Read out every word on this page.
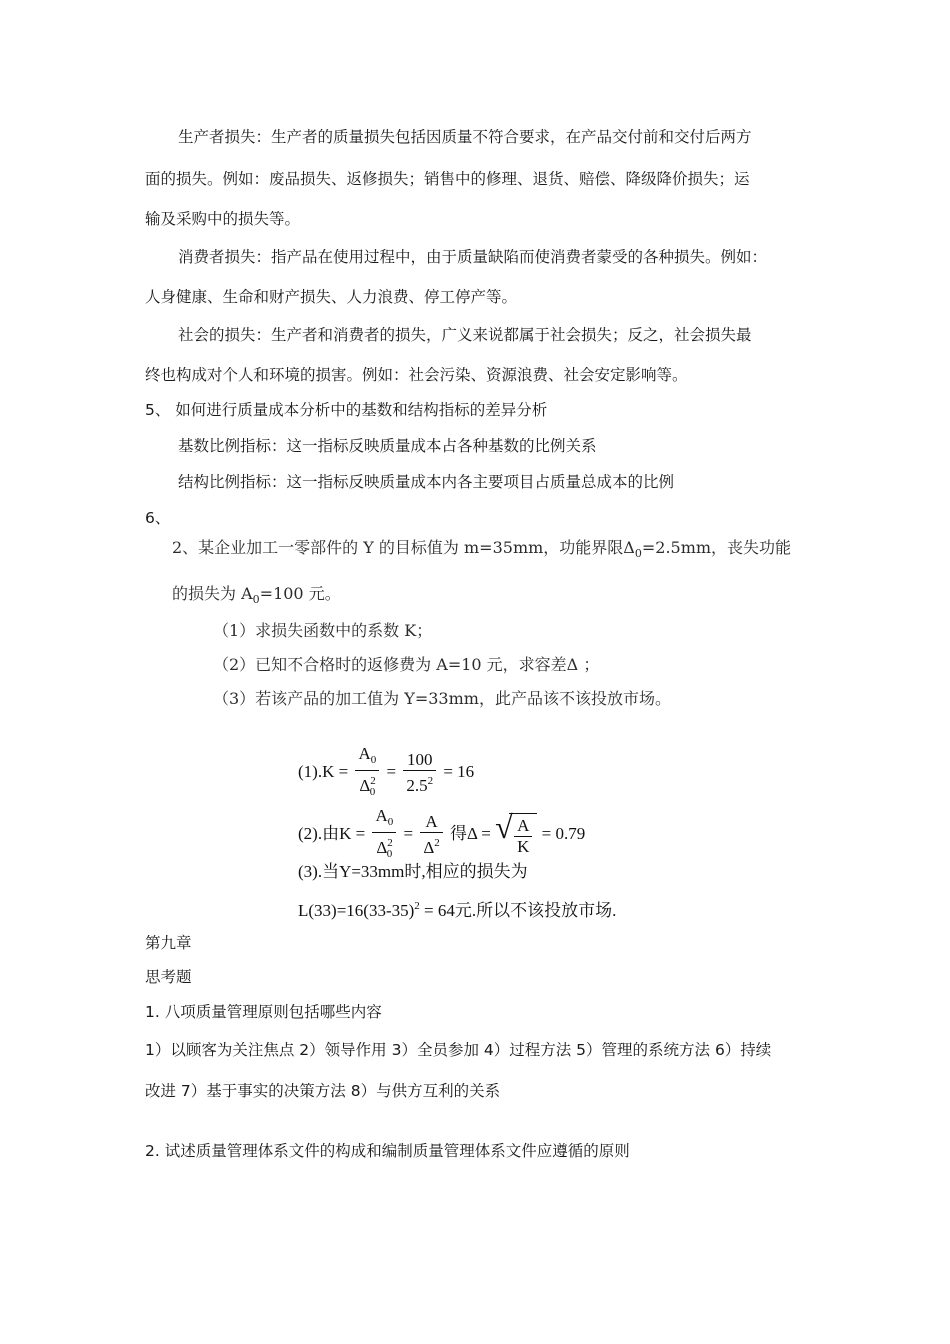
生产者损失：生产者的质量损失包括因质量不符合要求，在产品交付前和交付后两方
面的损失。例如：废品损失、返修损失；销售中的修理、退货、赔偿、降级降价损失；运
输及采购中的损失等。
消费者损失：指产品在使用过程中，由于质量缺陷而使消费者蒙受的各种损失。例如：
人身健康、生命和财产损失、人力浪费、停工停产等。
社会的损失：生产者和消费者的损失，广义来说都属于社会损失；反之，社会损失最
终也构成对个人和环境的损害。例如：社会污染、资源浪费、社会安定影响等。
5、 如何进行质量成本分析中的基数和结构指标的差异分析
基数比例指标：这一指标反映质量成本占各种基数的比例关系
结构比例指标：这一指标反映质量成本内各主要项目占质量总成本的比例
6、
2、某企业加工一零部件的 Y 的目标值为 m=35mm，功能界限$\Delta_0=2.5mm$，丧失功能
的损失为 $A_0=100$ 元。
（1）求损失函数中的系数 K；
（2）已知不合格时的返修费为 A=10 元，求容差Δ ；
（3）若该产品的加工值为 Y=33mm，此产品该不该投放市场。
$(1).K = \frac{A_0}{\Delta^2_0} = \frac{100}{2.5^2} = 16$
(2).由$K = \frac{A_0}{\Delta^2_0} = \frac{A}{\Delta^2}$ 得Δ = √ $\frac{A}{K} = 0.79$
(3).当Y=33mm时,相应的损失为
$L(33)=16(33-35)^2 = 64$元.所以不该投放市场.
第九章
思考题
1. 八项质量管理原则包括哪些内容
1）以顾客为关注焦点 2）领导作用 3）全员参加 4）过程方法 5）管理的系统方法 6）持续
改进 7）基于事实的决策方法 8）与供方互利的关系
2. 试述质量管理体系文件的构成和编制质量管理体系文件应遵循的原则
